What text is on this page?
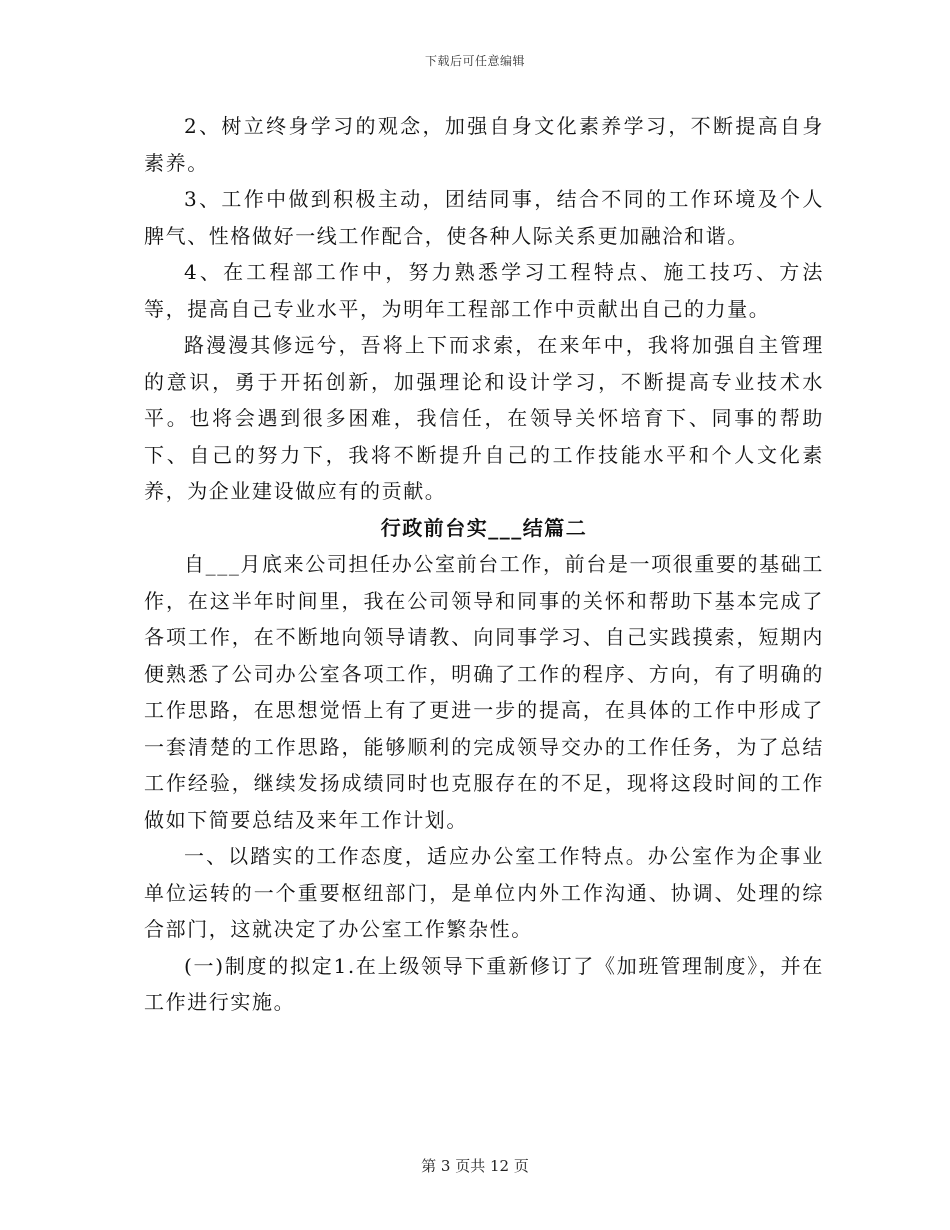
下载后可任意编辑

2、树立终身学习的观念，加强自身文化素养学习，不断提高自身素养。

3、工作中做到积极主动，团结同事，结合不同的工作环境及个人脾气、性格做好一线工作配合，使各种人际关系更加融洽和谐。

4、在工程部工作中，努力熟悉学习工程特点、施工技巧、方法等，提高自己专业水平，为明年工程部工作中贡献出自己的力量。

路漫漫其修远兮，吾将上下而求索，在来年中，我将加强自主管理的意识，勇于开拓创新，加强理论和设计学习，不断提高专业技术水平。也将会遇到很多困难，我信任，在领导关怀培育下、同事的帮助下、自己的努力下，我将不断提升自己的工作技能水平和个人文化素养，为企业建设做应有的贡献。

行政前台实___结篇二

自___月底来公司担任办公室前台工作，前台是一项很重要的基础工作，在这半年时间里，我在公司领导和同事的关怀和帮助下基本完成了各项工作，在不断地向领导请教、向同事学习、自己实践摸索，短期内便熟悉了公司办公室各项工作，明确了工作的程序、方向，有了明确的工作思路，在思想觉悟上有了更进一步的提高，在具体的工作中形成了一套清楚的工作思路，能够顺利的完成领导交办的工作任务，为了总结工作经验，继续发扬成绩同时也克服存在的不足，现将这段时间的工作做如下简要总结及来年工作计划。

一、以踏实的工作态度，适应办公室工作特点。办公室作为企事业单位运转的一个重要枢纽部门，是单位内外工作沟通、协调、处理的综合部门，这就决定了办公室工作繁杂性。

(一)制度的拟定1.在上级领导下重新修订了《加班管理制度》，并在工作进行实施。

第 3 页共 12 页
